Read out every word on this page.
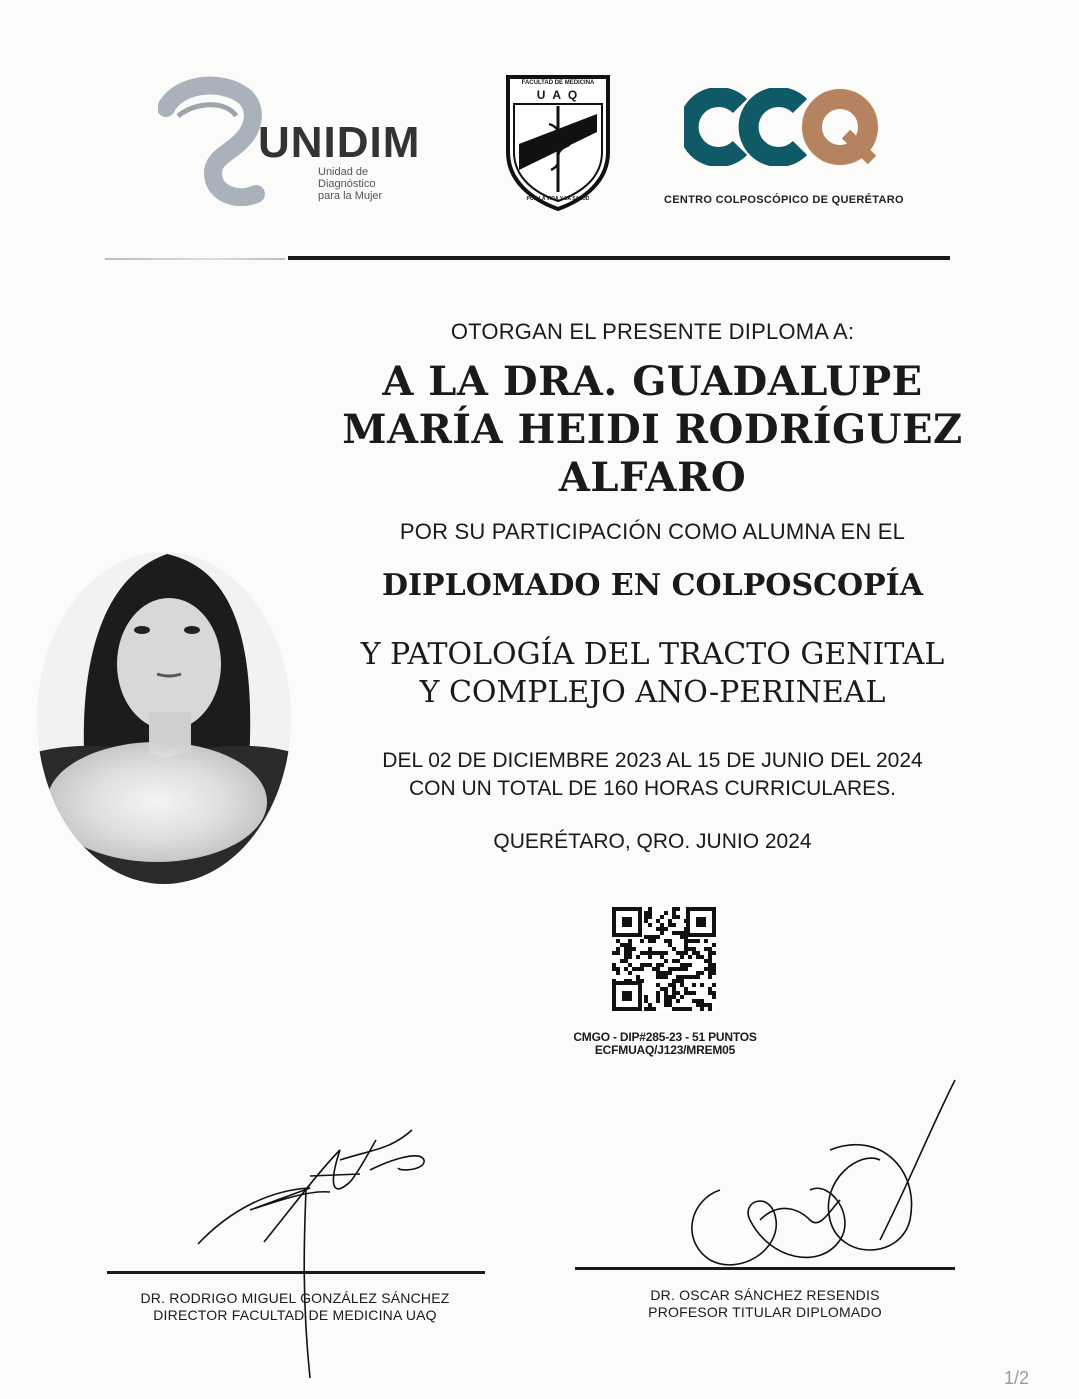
UNIDIM
Unidad de
Diagnóstico
para la Mujer
FACULTAD DE MEDICINA
U A Q
POR LA VIDA Y LA SALUD	CENTRO COLPOSCÓPICO DE QUERÉTARO
OTORGAN EL PRESENTE DIPLOMA A:
A LA DRA. GUADALUPE
MARÍA HEIDI RODRÍGUEZ
ALFARO
POR SU PARTICIPACIÓN COMO ALUMNA EN EL
DIPLOMADO EN COLPOSCOPÍA
Y PATOLOGÍA DEL TRACTO GENITAL
Y COMPLEJO ANO-PERINEAL
DEL 02 DE DICIEMBRE 2023 AL 15 DE JUNIO DEL 2024
CON UN TOTAL DE 160 HORAS CURRICULARES.
QUERÉTARO, QRO. JUNIO 2024
CMGO - DIP#285-23 - 51 PUNTOS
ECFMUAQ/J123/MREM05
DR. RODRIGO MIGUEL GONZÁLEZ SÁNCHEZ
DIRECTOR FACULTAD DE MEDICINA UAQ
DR. OSCAR SÁNCHEZ RESENDIS
PROFESOR TITULAR DIPLOMADO
1/2
